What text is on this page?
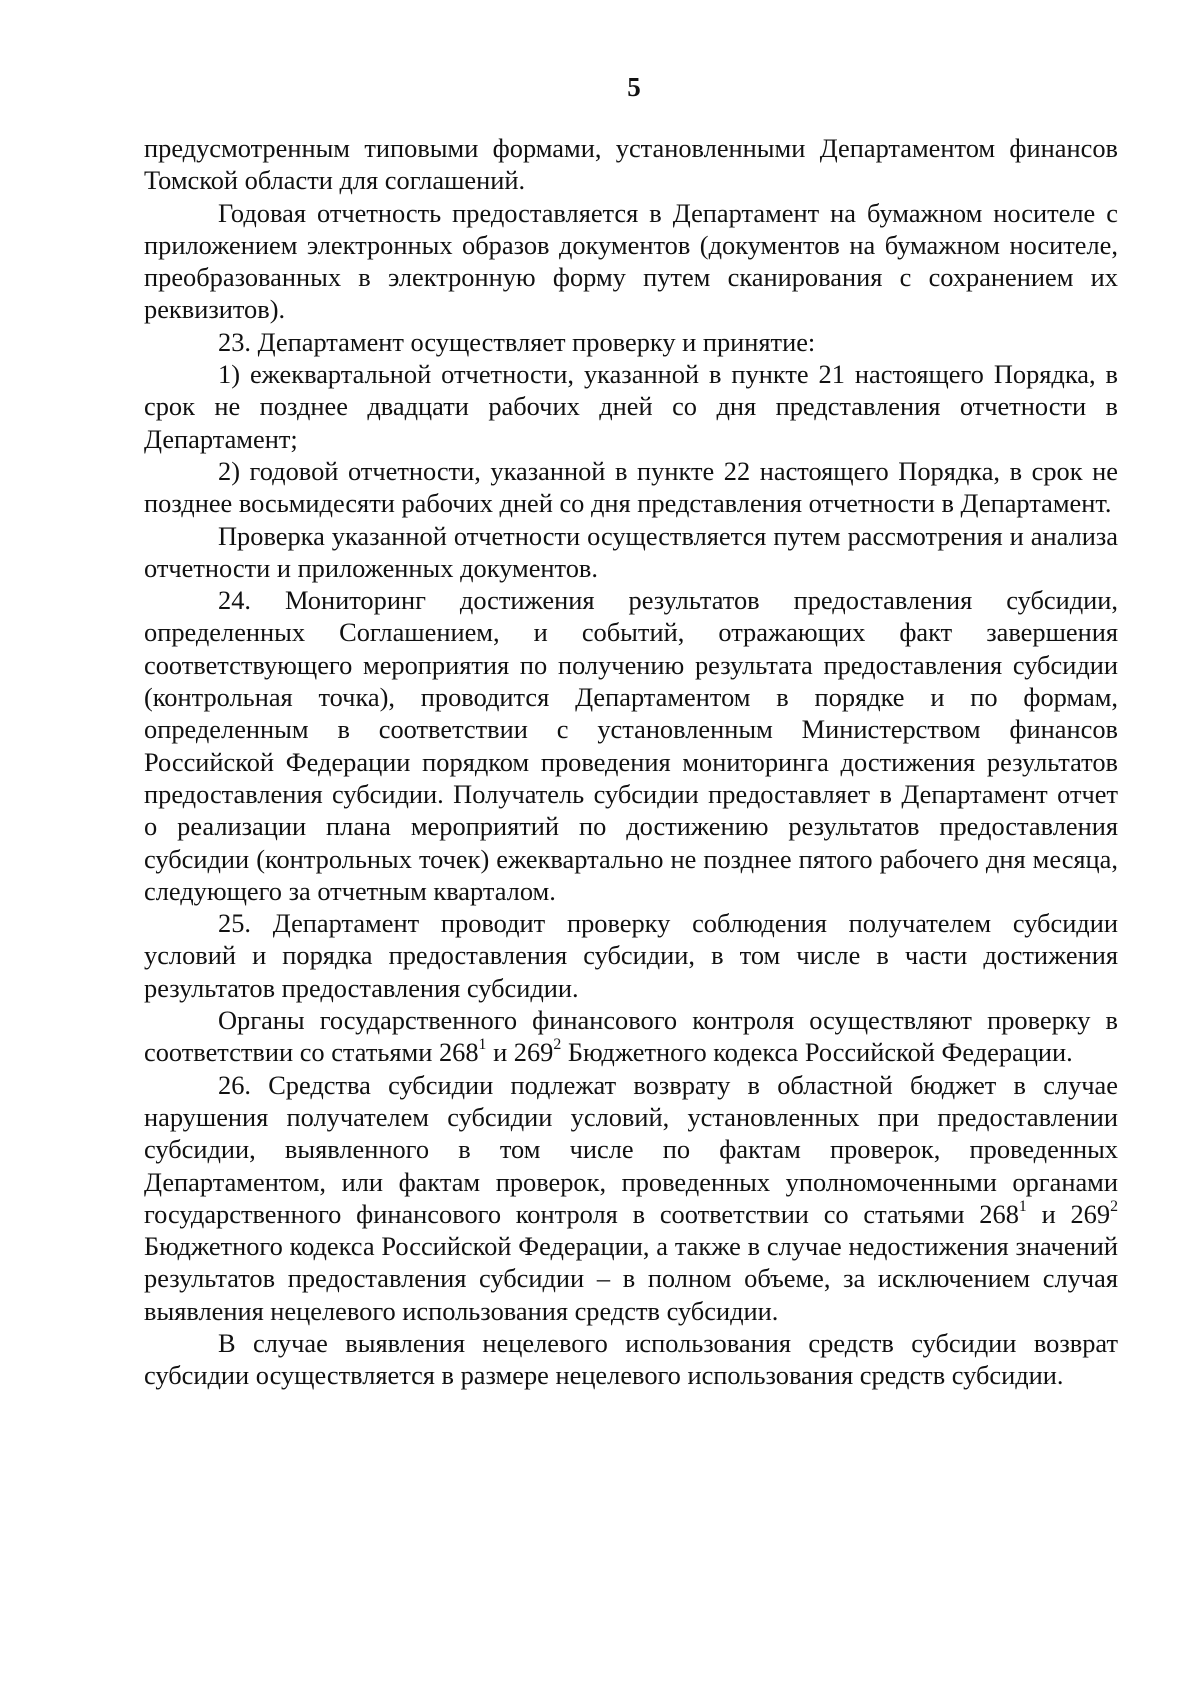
5

предусмотренным типовыми формами, установленными Департаментом финансов Томской области для соглашений.

Годовая отчетность предоставляется в Департамент на бумажном носителе с приложением электронных образов документов (документов на бумажном носителе, преобразованных в электронную форму путем сканирования с сохранением их реквизитов).

23. Департамент осуществляет проверку и принятие:

1) ежеквартальной отчетности, указанной в пункте 21 настоящего Порядка, в срок не позднее двадцати рабочих дней со дня представления отчетности в Департамент;

2) годовой отчетности, указанной в пункте 22 настоящего Порядка, в срок не позднее восьмидесяти рабочих дней со дня представления отчетности в Департамент.

Проверка указанной отчетности осуществляется путем рассмотрения и анализа отчетности и приложенных документов.

24. Мониторинг достижения результатов предоставления субсидии, определенных Соглашением, и событий, отражающих факт завершения соответствующего мероприятия по получению результата предоставления субсидии (контрольная точка), проводится Департаментом в порядке и по формам, определенным в соответствии с установленным Министерством финансов Российской Федерации порядком проведения мониторинга достижения результатов предоставления субсидии. Получатель субсидии предоставляет в Департамент отчет о реализации плана мероприятий по достижению результатов предоставления субсидии (контрольных точек) ежеквартально не позднее пятого рабочего дня месяца, следующего за отчетным кварталом.

25. Департамент проводит проверку соблюдения получателем субсидии условий и порядка предоставления субсидии, в том числе в части достижения результатов предоставления субсидии.

Органы государственного финансового контроля осуществляют проверку в соответствии со статьями $268^1$ и $269^2$ Бюджетного кодекса Российской Федерации.

26. Средства субсидии подлежат возврату в областной бюджет в случае нарушения получателем субсидии условий, установленных при предоставлении субсидии, выявленного в том числе по фактам проверок, проведенных Департаментом, или фактам проверок, проведенных уполномоченными органами государственного финансового контроля в соответствии со статьями $268^1$ и $269^2$ Бюджетного кодекса Российской Федерации, а также в случае недостижения значений результатов предоставления субсидии – в полном объеме, за исключением случая выявления нецелевого использования средств субсидии.

В случае выявления нецелевого использования средств субсидии возврат субсидии осуществляется в размере нецелевого использования средств субсидии.
